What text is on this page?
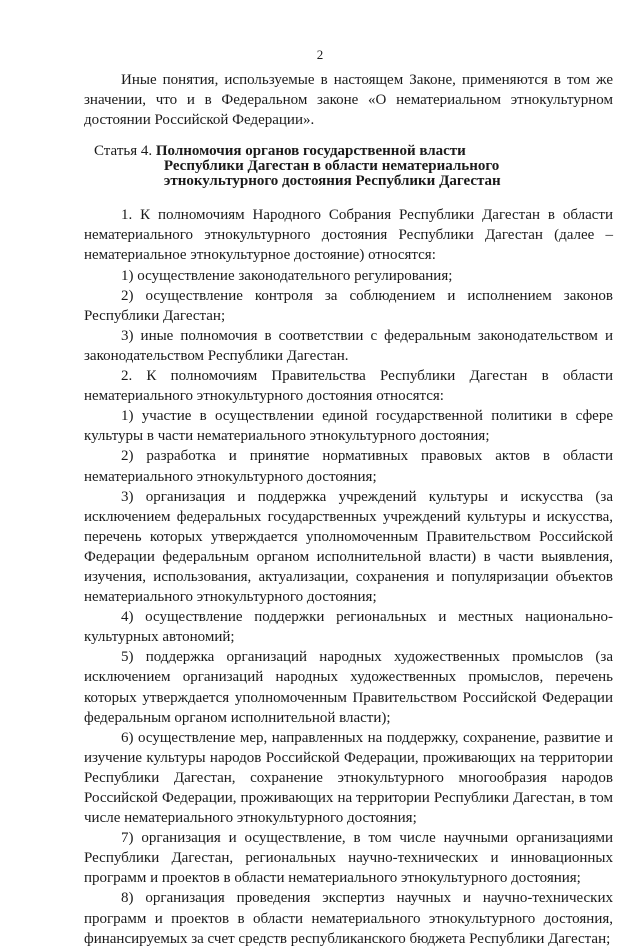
2

Иные понятия, используемые в настоящем Законе, применяются в том же значении, что и в Федеральном законе «О нематериальном этнокультурном достоянии Российской Федерации».

Статья 4. Полномочия органов государственной власти
Республики Дагестан в области нематериального
этнокультурного достояния Республики Дагестан

1. К полномочиям Народного Собрания Республики Дагестан в области нематериального этнокультурного достояния Республики Дагестан (далее – нематериальное этнокультурное достояние) относятся:

1) осуществление законодательного регулирования;

2) осуществление контроля за соблюдением и исполнением законов Республики Дагестан;

3) иные полномочия в соответствии с федеральным законодательством и законодательством Республики Дагестан.

2. К полномочиям Правительства Республики Дагестан в области нематериального этнокультурного достояния относятся:

1) участие в осуществлении единой государственной политики в сфере культуры в части нематериального этнокультурного достояния;

2) разработка и принятие нормативных правовых актов в области нематериального этнокультурного достояния;

3) организация и поддержка учреждений культуры и искусства (за исключением федеральных государственных учреждений культуры и искусства, перечень которых утверждается уполномоченным Правительством Российской Федерации федеральным органом исполнительной власти) в части выявления, изучения, использования, актуализации, сохранения и популяризации объектов нематериального этнокультурного достояния;

4) осуществление поддержки региональных и местных национально-культурных автономий;

5) поддержка организаций народных художественных промыслов (за исключением организаций народных художественных промыслов, перечень которых утверждается уполномоченным Правительством Российской Федерации федеральным органом исполнительной власти);

6) осуществление мер, направленных на поддержку, сохранение, развитие и изучение культуры народов Российской Федерации, проживающих на территории Республики Дагестан, сохранение этнокультурного многообразия народов Российской Федерации, проживающих на территории Республики Дагестан, в том числе нематериального этнокультурного достояния;

7) организация и осуществление, в том числе научными организациями Республики Дагестан, региональных научно-технических и инновационных программ и проектов в области нематериального этнокультурного достояния;

8) организация проведения экспертиз научных и научно-технических программ и проектов в области нематериального этнокультурного достояния, финансируемых за счет средств республиканского бюджета Республики Дагестан;
